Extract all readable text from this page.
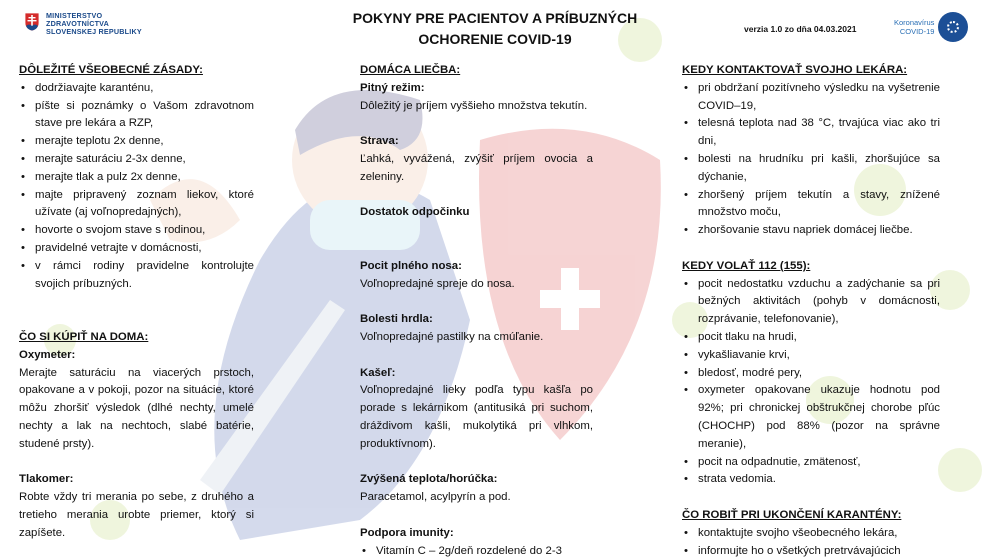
MINISTERSTVO
ZDRAVOTNÍCTVA
SLOVENSKEJ REPUBLIKY
POKYNY PRE PACIENTOV A PRÍBUZNÝCH
OCHORENIE COVID-19
verzia 1.0 zo dňa 04.03.2021
Koronavírus
COVID-19

DÔLEŽITÉ VŠEOBECNÉ ZÁSADY:

• dodržiavajte karanténu,
• píšte si poznámky o Vašom zdravotnom stave pre lekára a RZP,
• merajte teplotu 2x denne,
• merajte saturáciu 2-3x denne,
• merajte tlak a pulz 2x denne,
• majte pripravený zoznam liekov, ktoré užívate (aj voľnopredajných),
• hovorte o svojom stave s rodinou,
• pravidelné vetrajte v domácnosti,
• v rámci rodiny pravidelne kontrolujte svojich príbuzných.

ČO SI KÚPIŤ NA DOMA:

Oxymeter:

Merajte saturáciu na viacerých prstoch, opakovane a v pokoji, pozor na situácie, ktoré môžu zhoršiť výsledok (dlhé nechty, umelé nechty a lak na nechtoch, slabé batérie, studené prsty).

Tlakomer:

Robte vždy tri merania po sebe, z druhého a tretieho merania urobte priemer, ktorý si zapíšete.

DOMÁCA LIEČBA:

Pitný režim:

Dôležitý je príjem vyššieho množstva tekutín.

Strava:

Ľahká, vyvážená, zvýšiť príjem ovocia a zeleniny.

Dostatok odpočinku

Pocit plného nosa:

Voľnopredajné spreje do nosa.

Bolesti hrdla:

Voľnopredajné pastilky na cmúľanie.

Kašeľ:

Voľnopredajné lieky podľa typu kašľa po porade s lekárnikom (antitusiká pri suchom, dráždivom kašli, mukolytiká pri vlhkom, produktívnom).

Zvýšená teplota/horúčka:

Paracetamol, acylpyrín a pod.

Podpora imunity:

• Vitamín C – 2g/deň rozdelené do 2-3

KEDY KONTAKTOVAŤ SVOJHO LEKÁRA:

• pri obdržaní pozitívneho výsledku na vyšetrenie COVID–19,
• telesná teplota nad 38 °C, trvajúca viac ako tri dni,
• bolesti na hrudníku pri kašli, zhoršujúce sa dýchanie,
• zhoršený príjem tekutín a stavy, znížené množstvo moču,
• zhoršovanie stavu napriek domácej liečbe.

KEDY VOLAŤ 112 (155):

• pocit nedostatku vzduchu a zadýchanie sa pri bežných aktivitách (pohyb v domácnosti, rozprávanie, telefonovanie),
• pocit tlaku na hrudi,
• vykašliavanie krvi,
• bledosť, modré pery,
• oxymeter opakovane ukazuje hodnotu pod 92%; pri chronickej obštrukčnej chorobe pľúc (CHOCHP) pod 88% (pozor na správne meranie),
• pocit na odpadnutie, zmätenosť,
• strata vedomia.

ČO ROBIŤ PRI UKONČENÍ KARANTÉNY:

• kontaktujte svojho všeobecného lekára,
• informujte ho o všetkých pretrvávajúcich
